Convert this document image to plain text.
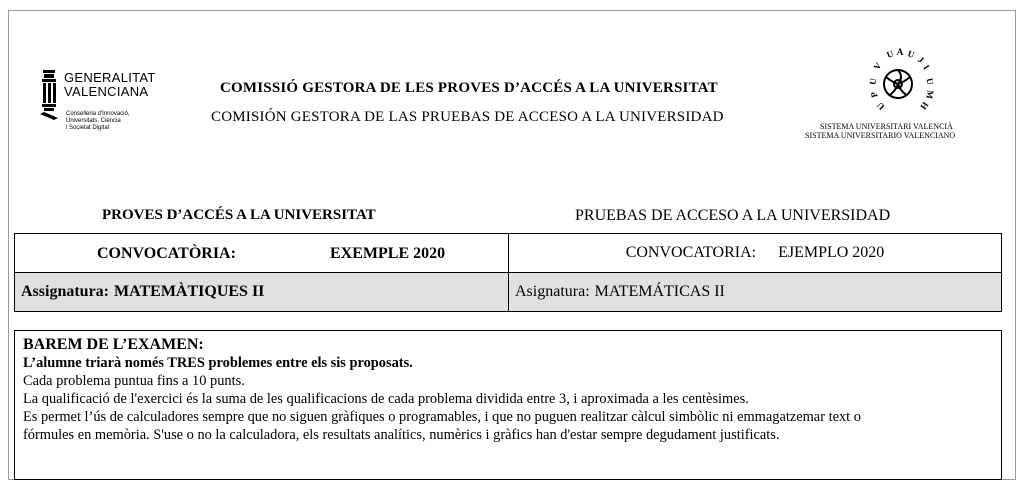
GENERALITAT
VALENCIANA
Conselleria d'Innovació,
Universitats, Ciència
i Societat Digital
COMISSIÓ GESTORA DE LES PROVES D’ACCÉS A LA UNIVERSITAT
COMISIÓN GESTORA DE LAS PRUEBAS DE ACCESO A LA UNIVERSIDAD
U
V
U A U J
I
U
M
H
U
P
SISTEMA UNIVERSITARI VALENCIÀ
SISTEMA UNIVERSITARIO VALENCIANO
PROVES D’ACCÉS A LA UNIVERSITAT	PRUEBAS DE ACCESO A LA UNIVERSIDAD
CONVOCATÒRIA: EXEMPLE 2020	CONVOCATORIA: EJEMPLO 2020
Assignatura: MATEMÀTIQUES II	Asignatura: MATEMÁTICAS II

BAREM DE L’EXAMEN:

L’alumne triarà només TRES problemes entre els sis proposats.

Cada problema puntua fins a 10 punts.

La qualificació de l'exercici és la suma de les qualificacions de cada problema dividida entre 3, i aproximada a les centèsimes.

Es permet l’ús de calculadores sempre que no siguen gràfiques o programables, i que no puguen realitzar càlcul simbòlic ni emmagatzemar text o

fórmules en memòria. S'use o no la calculadora, els resultats analítics, numèrics i gràfics han d'estar sempre degudament justificats.
